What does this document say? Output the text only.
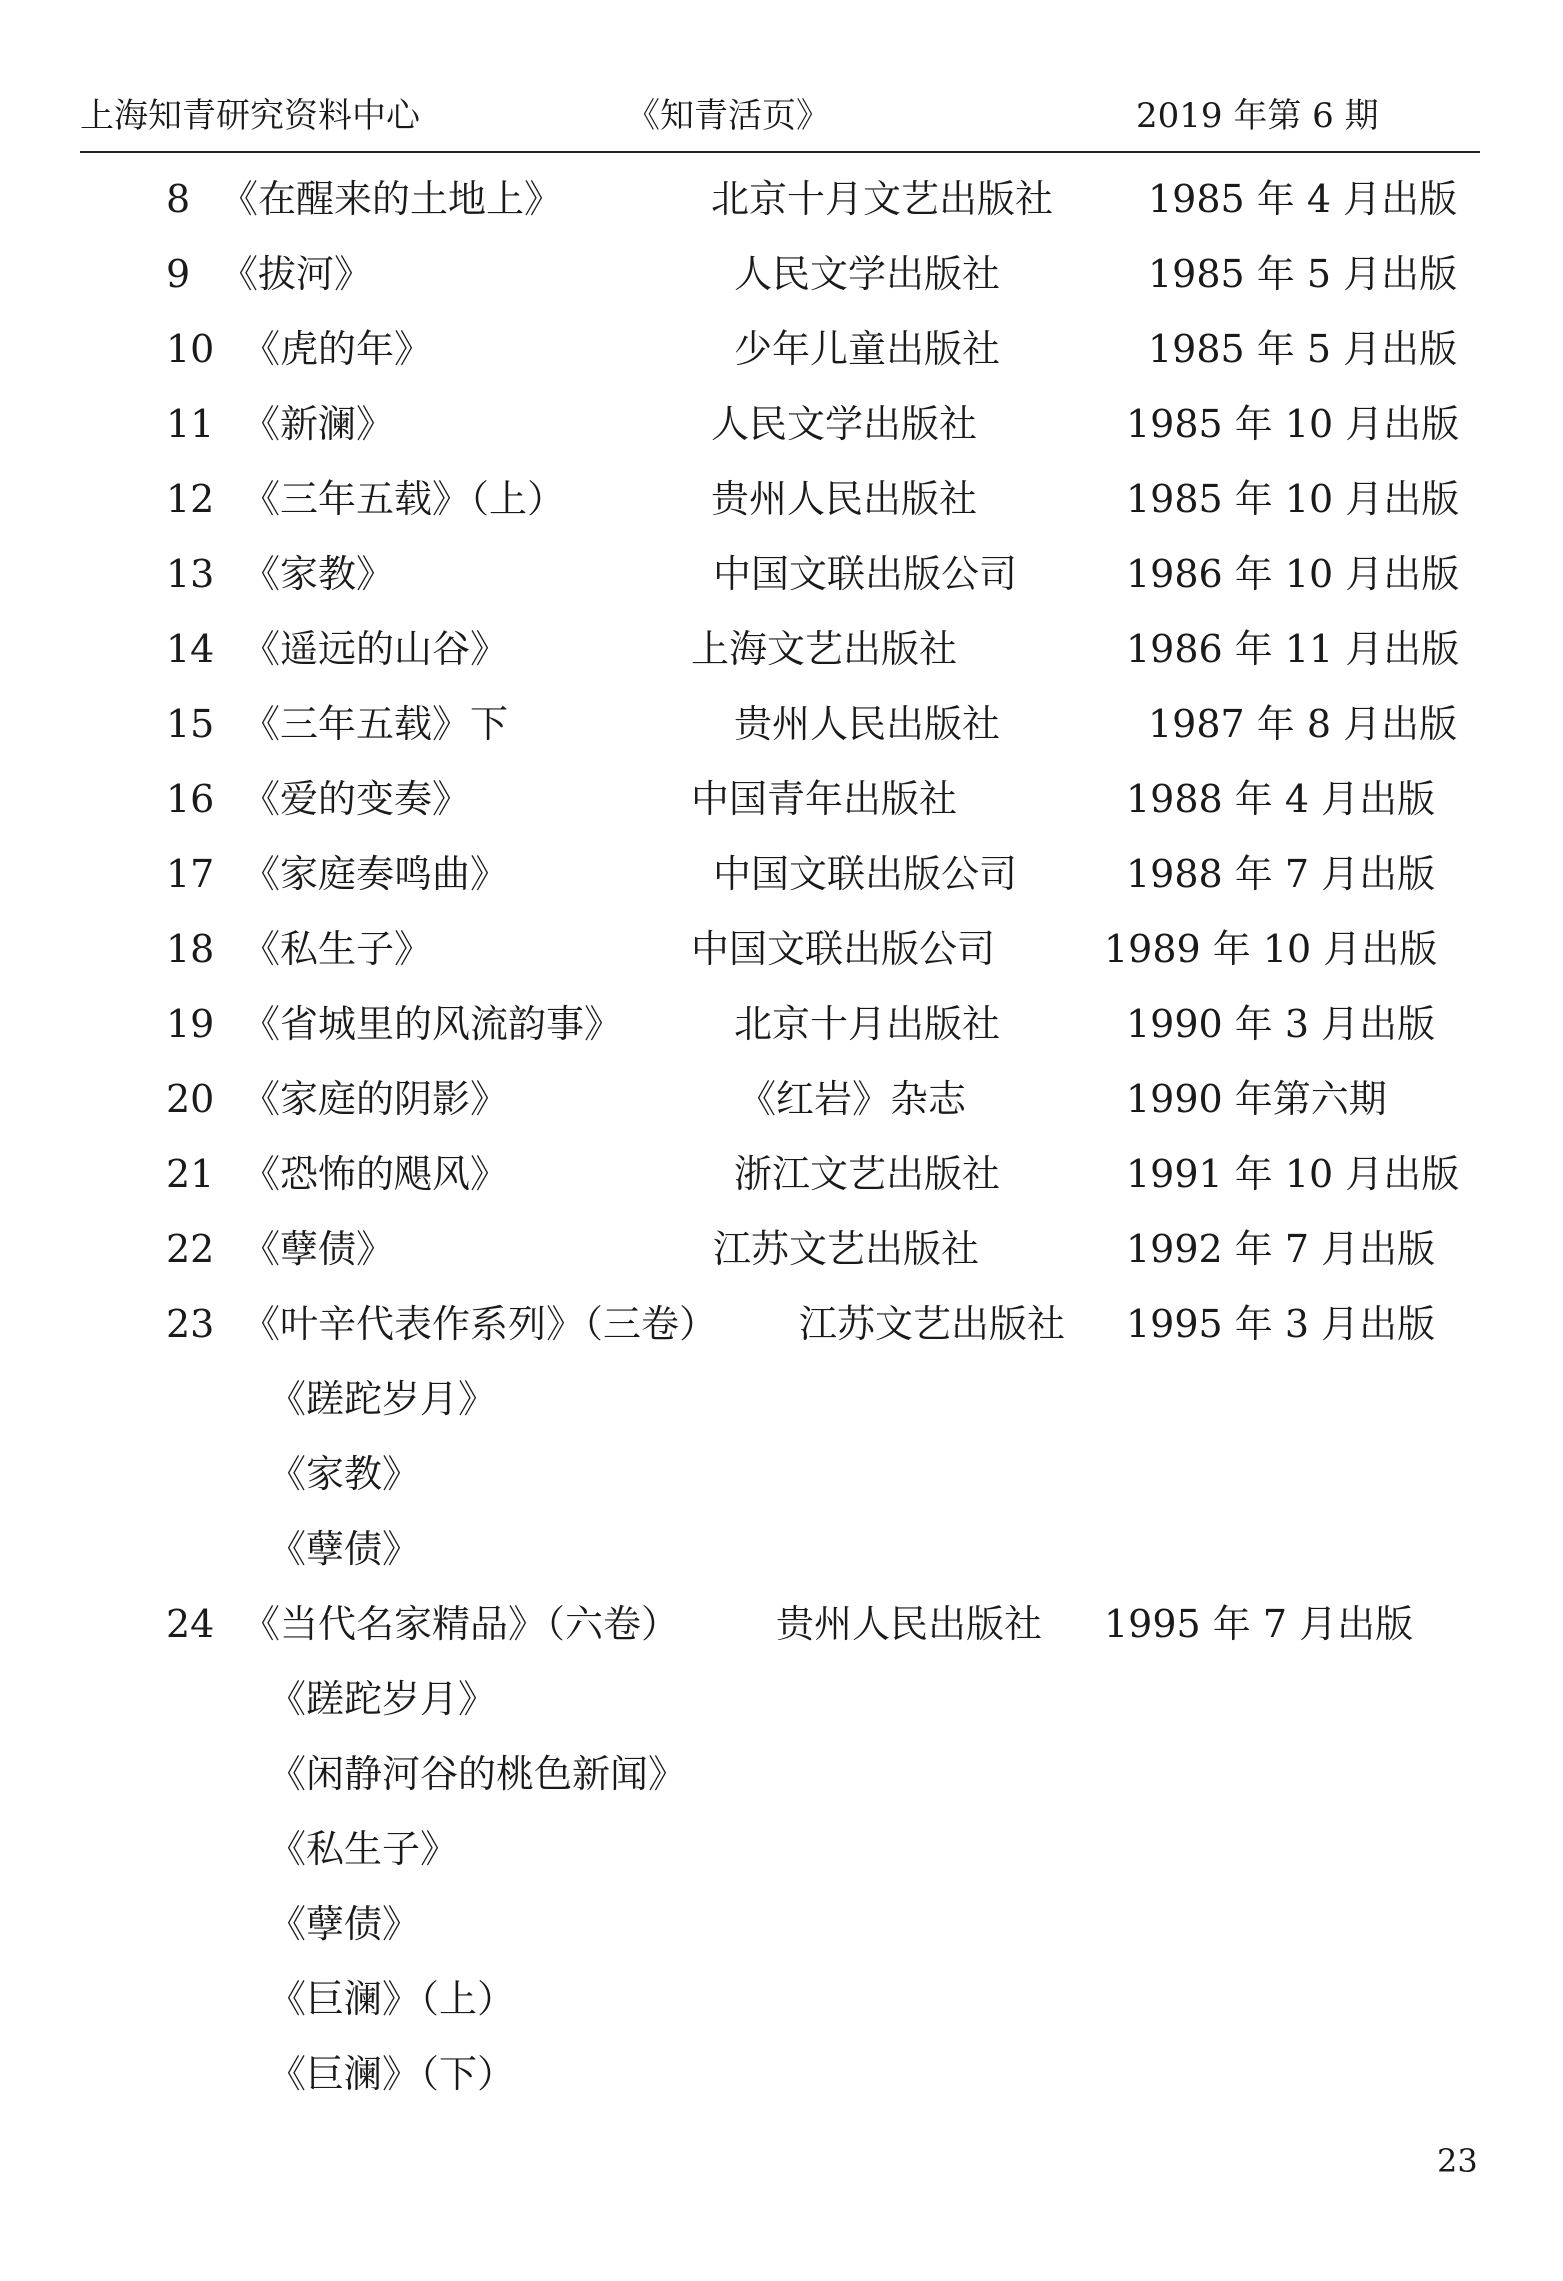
上海知青研究资料中心	《知青活页》	2019 年第 6 期
8 《在醒来的土地上》	北京十月文艺出版社 1985 年 4 月出版
9 《拔河》	人民文学出版社	1985 年 5 月出版
10 《虎的年》	少年儿童出版社	1985 年 5 月出版
11 《新澜》	人民文学出版社	1985 年 10 月出版
12 《三年五载》（上）	贵州人民出版社	1985 年 10 月出版
13 《家教》	中国文联出版公司	1986 年 10 月出版
14 《遥远的山谷》	上海文艺出版社	1986 年 11 月出版
15 《三年五载》下	贵州人民出版社	1987 年 8 月出版
16 《爱的变奏》	中国青年出版社	1988 年 4 月出版
17 《家庭奏鸣曲》	中国文联出版公司	1988 年 7 月出版
18 《私生子》	中国文联出版公司	1989 年 10 月出版
19 《省城里的风流韵事》	北京十月出版社	1990 年 3 月出版
20 《家庭的阴影》	《红岩》杂志	1990 年第六期
21 《恐怖的飓风》	浙江文艺出版社	1991 年 10 月出版
22 《孽债》	江苏文艺出版社	1992 年 7 月出版
23 《叶辛代表作系列》（三卷） 江苏文艺出版社 1995 年 3 月出版
《蹉跎岁月》
《家教》
《孽债》
24 《当代名家精品》（六卷）	贵州人民出版社 1995 年 7 月出版
《蹉跎岁月》
《闲静河谷的桃色新闻》
《私生子》
《孽债》
《巨澜》（上）
《巨澜》（下）
23
